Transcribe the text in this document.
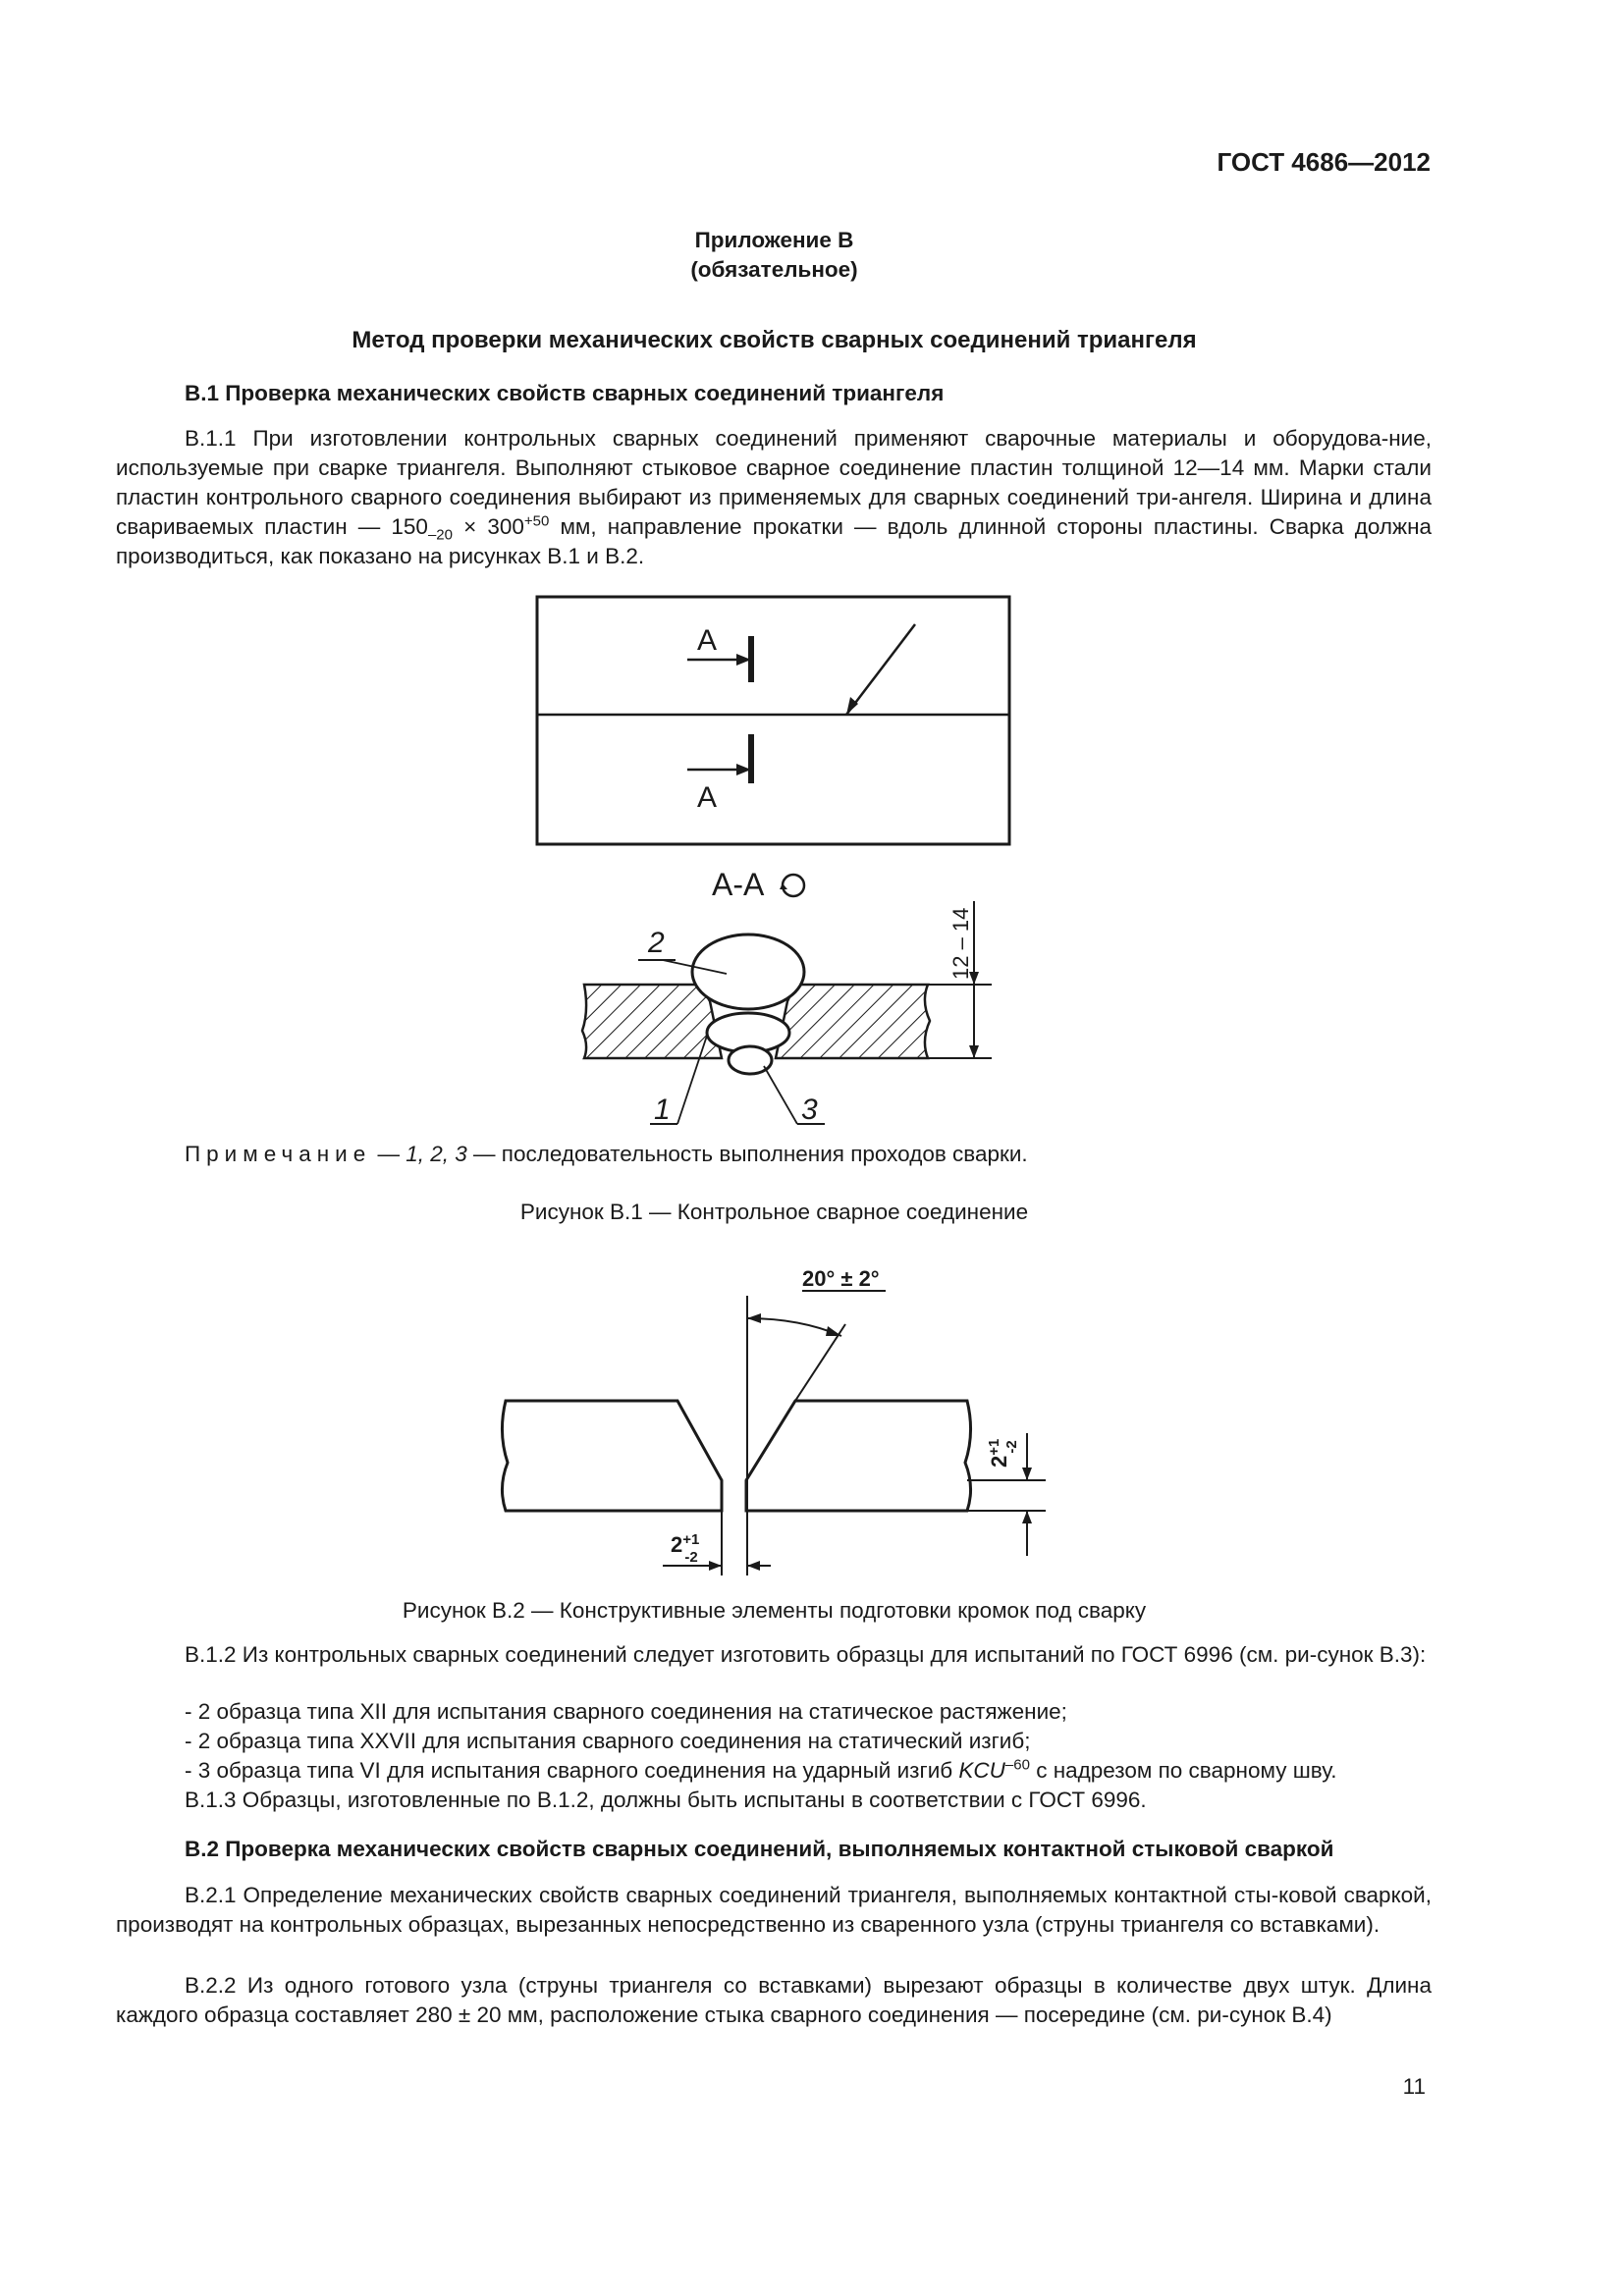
ГОСТ 4686—2012
Приложение В
(обязательное)
Метод проверки механических свойств сварных соединений триангеля
В.1 Проверка механических свойств сварных соединений триангеля
В.1.1 При изготовлении контрольных сварных соединений применяют сварочные материалы и оборудова-ние, используемые при сварке триангеля. Выполняют стыковое сварное соединение пластин толщиной 12—14 мм. Марки стали пластин контрольного сварного соединения выбирают из применяемых для сварных соединений три-ангеля. Ширина и длина свариваемых пластин — $150_{-20} \times 300^{+50}$ мм, направление прокатки — вдоль длинной стороны пластины. Сварка должна производиться, как показано на рисунках В.1 и В.2.
А
А
А-А
12 – 14
2
1	3
Примечание — 1, 2, 3 — последовательность выполнения проходов сварки.
Рисунок В.1 — Контрольное сварное соединение
20° ± 2°
$2^{+1}-2$
$2^{+1}$ -2
Рисунок В.2 — Конструктивные элементы подготовки кромок под сварку
В.1.2 Из контрольных сварных соединений следует изготовить образцы для испытаний по ГОСТ 6996 (см. ри-сунок В.3):
- 2 образца типа XII для испытания сварного соединения на статическое растяжение;
- 2 образца типа XXVII для испытания сварного соединения на статический изгиб;
- 3 образца типа VI для испытания сварного соединения на ударный изгиб $KCU^{-60}$ с надрезом по сварному шву.
В.1.3 Образцы, изготовленные по В.1.2, должны быть испытаны в соответствии с ГОСТ 6996.
В.2 Проверка механических свойств сварных соединений, выполняемых контактной стыковой сваркой
В.2.1 Определение механических свойств сварных соединений триангеля, выполняемых контактной сты-ковой сваркой, производят на контрольных образцах, вырезанных непосредственно из сваренного узла (струны триангеля со вставками).
В.2.2 Из одного готового узла (струны триангеля со вставками) вырезают образцы в количестве двух штук. Длина каждого образца составляет 280 ± 20 мм, расположение стыка сварного соединения — посередине (см. ри-сунок В.4)
11
